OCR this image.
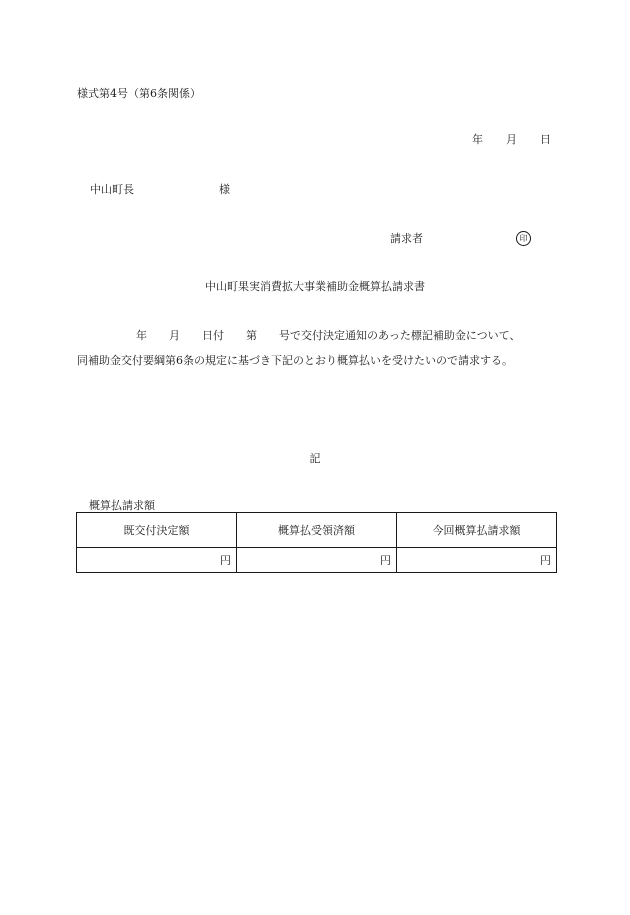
様式第4号（第6条関係）
年 月 日
中山町長	様
請求者	印
中山町果実消費拡大事業補助金概算払請求書
年 月 日付 第 号で交付決定通知のあった標記補助金について、
同補助金交付要綱第6条の規定に基づき下記のとおり概算払いを受けたいので請求する。
記
概算払請求額
既交付決定額	概算払受領済額	今回概算払請求額
円	円	円
